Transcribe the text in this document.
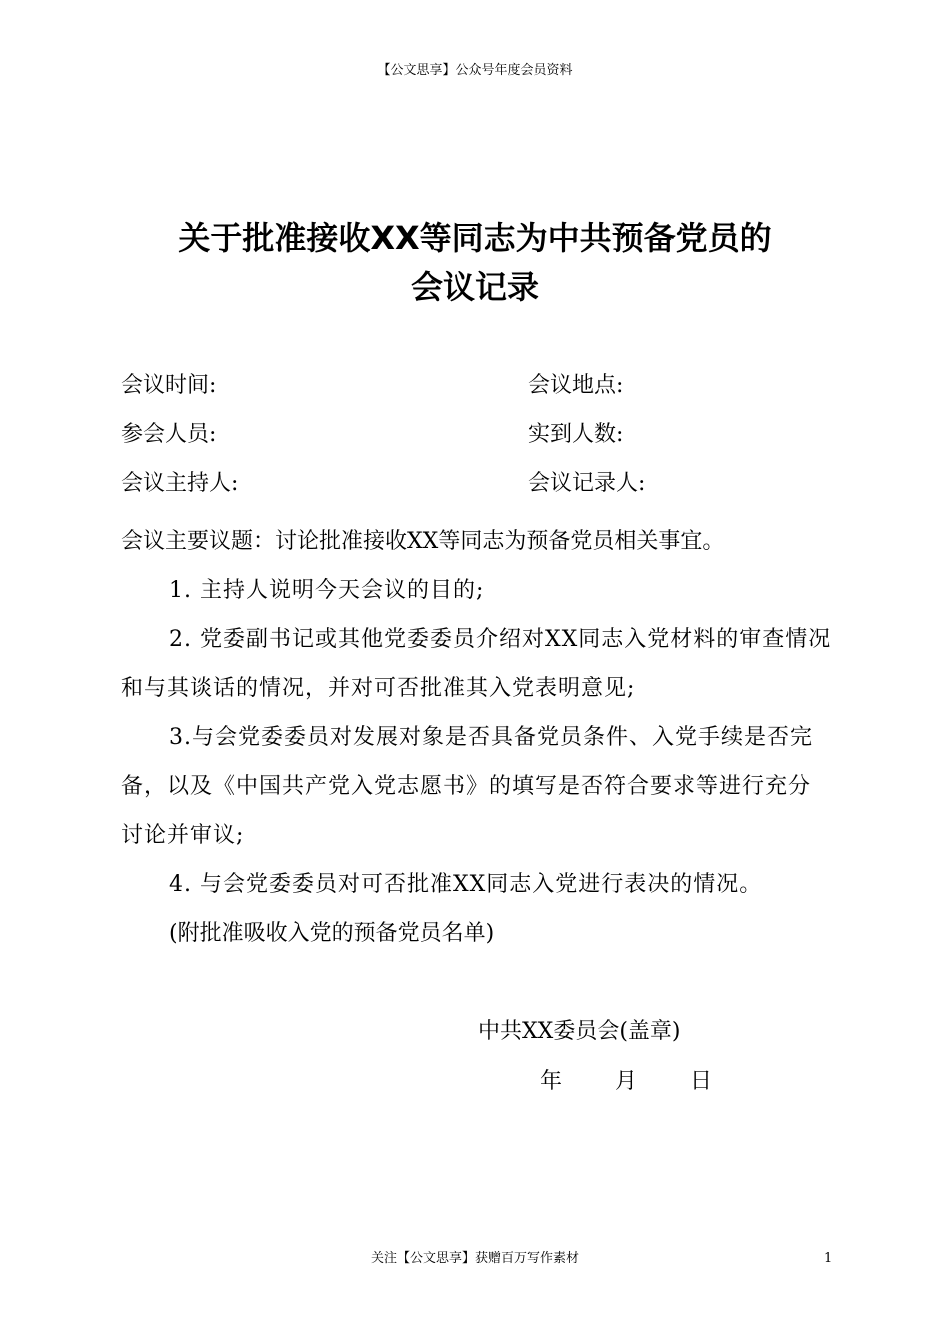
【公文思享】公众号年度会员资料
关于批准接收XX等同志为中共预备党员的
会议记录
会议时间:	会议地点:
参会人员:	实到人数:
会议主持人:	会议记录人:
会议主要议题：讨论批准接收XX等同志为预备党员相关事宜。
1. 主持人说明今天会议的目的;
2. 党委副书记或其他党委委员介绍对XX同志入党材料的审查情况和与其谈话的情况，并对可否批准其入党表明意见;
3.与会党委委员对发展对象是否具备党员条件、入党手续是否完备，以及《中国共产党入党志愿书》的填写是否符合要求等进行充分讨论并审议;
4. 与会党委委员对可否批准XX同志入党进行表决的情况。
(附批准吸收入党的预备党员名单)
中共XX委员会(盖章)
年 月 日
关注【公文思享】获赠百万写作素材	1
